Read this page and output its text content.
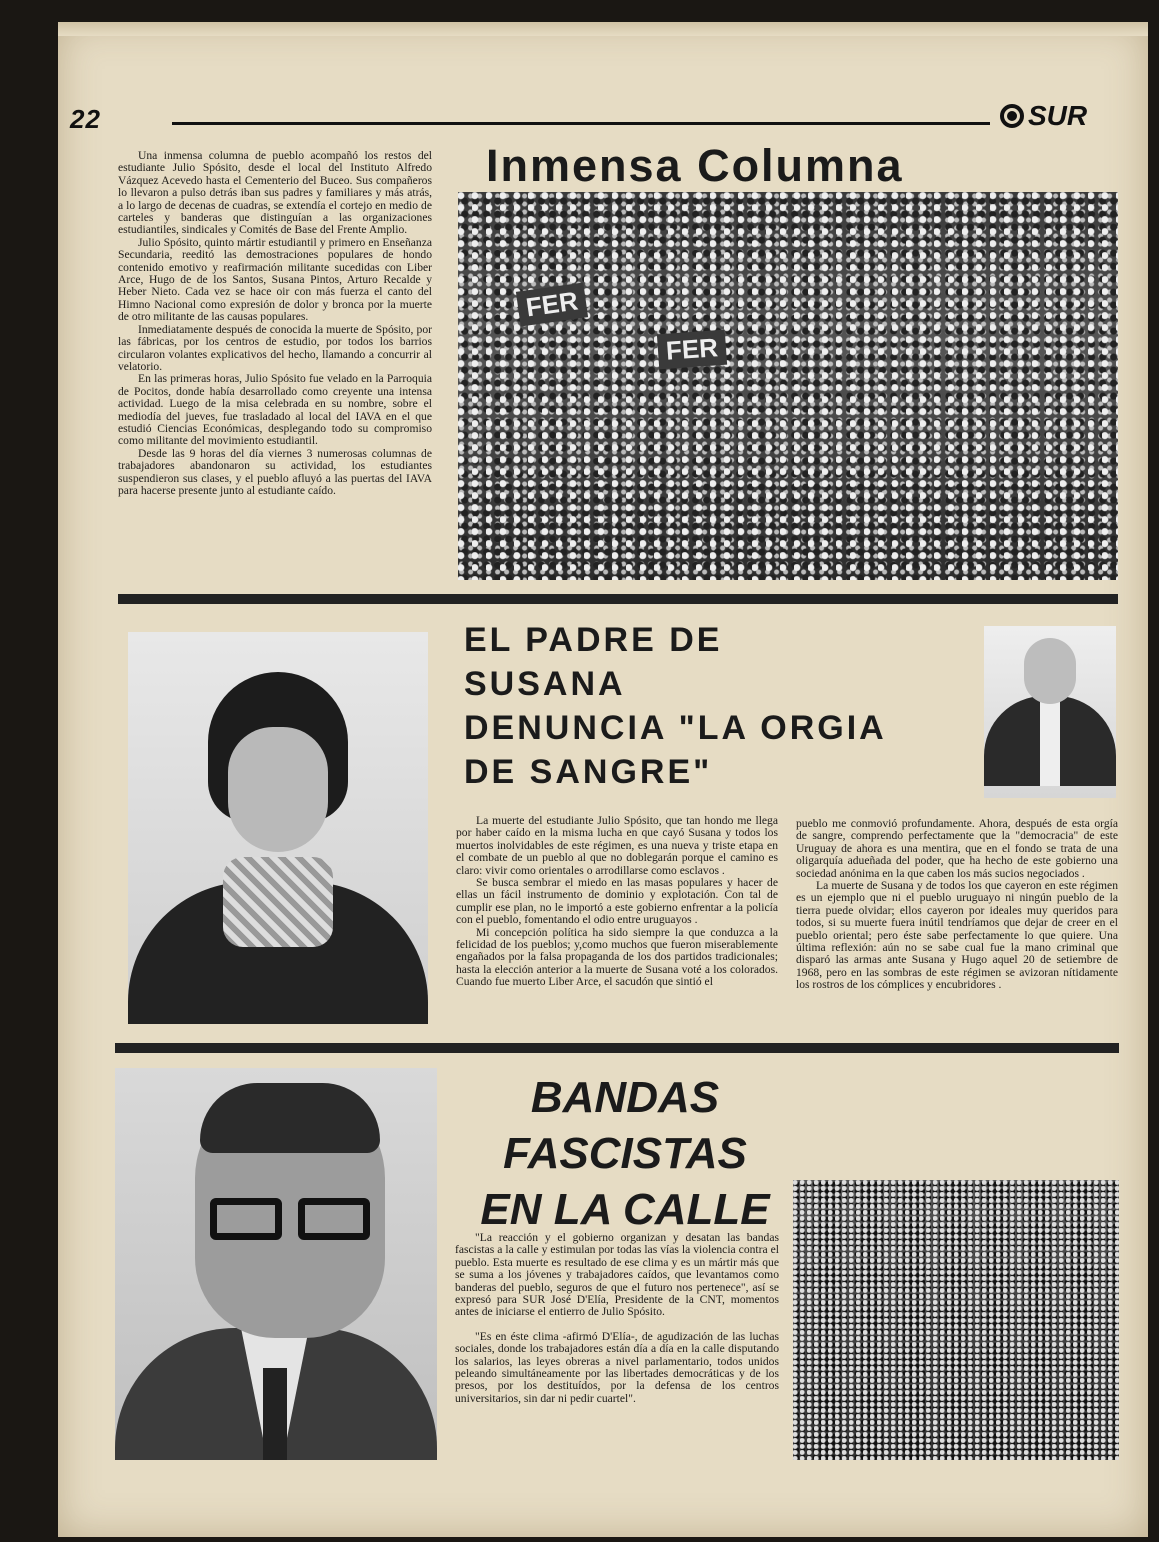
22	SUR

Una inmensa columna de pueblo acompañó los restos del estudiante Julio Spósito, desde el local del Instituto Alfredo Vázquez Acevedo hasta el Cementerio del Buceo. Sus compañeros lo llevaron a pulso detrás iban sus padres y familiares y más atrás, a lo largo de decenas de cuadras, se extendía el cortejo en medio de carteles y banderas que distinguían a las organizaciones estudiantiles, sindicales y Comités de Base del Frente Amplio.

Julio Spósito, quinto mártir estudiantil y primero en Enseñanza Secundaria, reeditó las demostraciones populares de hondo contenido emotivo y reafirmación militante sucedidas con Liber Arce, Hugo de de los Santos, Susana Pintos, Arturo Recalde y Heber Nieto. Cada vez se hace oir con más fuerza el canto del Himno Nacional como expresión de dolor y bronca por la muerte de otro militante de las causas populares.

Inmediatamente después de conocida la muerte de Spósito, por las fábricas, por los centros de estudio, por todos los barrios circularon volantes explicativos del hecho, llamando a concurrir al velatorio.

En las primeras horas, Julio Spósito fue velado en la Parroquia de Pocitos, donde había desarrollado como creyente una intensa actividad. Luego de la misa celebrada en su nombre, sobre el mediodía del jueves, fue trasladado al local del IAVA en el que estudió Ciencias Económicas, desplegando todo su compromiso como militante del movimiento estudiantil.

Desde las 9 horas del día viernes 3 numerosas columnas de trabajadores abandonaron su actividad, los estudiantes suspendieron sus clases, y el pueblo afluyó a las puertas del IAVA para hacerse presente junto al estudiante caído.

Inmensa Columna
FER
FER
EL PADRE DE
SUSANA
DENUNCIA "LA ORGIA
DE SANGRE"

La muerte del estudiante Julio Spósito, que tan hondo me llega por haber caído en la misma lucha en que cayó Susana y todos los muertos inolvidables de este régimen, es una nueva y triste etapa en el combate de un pueblo al que no doblegarán porque el camino es claro: vivir como orientales o arrodillarse como esclavos .

Se busca sembrar el miedo en las masas populares y hacer de ellas un fácil instrumento de dominio y explotación. Con tal de cumplir ese plan, no le importó a este gobierno enfrentar a la policía con el pueblo, fomentando el odio entre uruguayos .

Mi concepción política ha sido siempre la que conduzca a la felicidad de los pueblos; y,como muchos que fueron miserablemente engañados por la falsa propaganda de los dos partidos tradicionales; hasta la elección anterior a la muerte de Susana voté a los colorados. Cuando fue muerto Liber Arce, el sacudón que sintió el

pueblo me conmovió profundamente. Ahora, después de esta orgía de sangre, comprendo perfectamente que la "democracia" de este Uruguay de ahora es una mentira, que en el fondo se trata de una oligarquía adueñada del poder, que ha hecho de este gobierno una sociedad anónima en la que caben los más sucios negociados .

La muerte de Susana y de todos los que cayeron en este régimen es un ejemplo que ni el pueblo uruguayo ni ningún pueblo de la tierra puede olvidar; ellos cayeron por ideales muy queridos para todos, si su muerte fuera inútil tendríamos que dejar de creer en el pueblo oriental; pero éste sabe perfectamente lo que quiere. Una última reflexión: aún no se sabe cual fue la mano criminal que disparó las armas ante Susana y Hugo aquel 20 de setiembre de 1968, pero en las sombras de este régimen se avizoran nítidamente los rostros de los cómplices y encubridores .

BANDAS
FASCISTAS
EN LA CALLE

"La reacción y el gobierno organizan y desatan las bandas fascistas a la calle y estimulan por todas las vías la violencia contra el pueblo. Esta muerte es resultado de ese clima y es un mártir más que se suma a los jóvenes y trabajadores caídos, que levantamos como banderas del pueblo, seguros de que el futuro nos pertenece", así se expresó para SUR José D'Elía, Presidente de la CNT, momentos antes de iniciarse el entierro de Julio Spósito.

"Es en éste clima -afirmó D'Elía-, de agudización de las luchas sociales, donde los trabajadores están día a día en la calle disputando los salarios, las leyes obreras a nivel parlamentario, todos unidos peleando simultáneamente por las libertades democráticas y de los presos, por los destituídos, por la defensa de los centros universitarios, sin dar ni pedir cuartel".
